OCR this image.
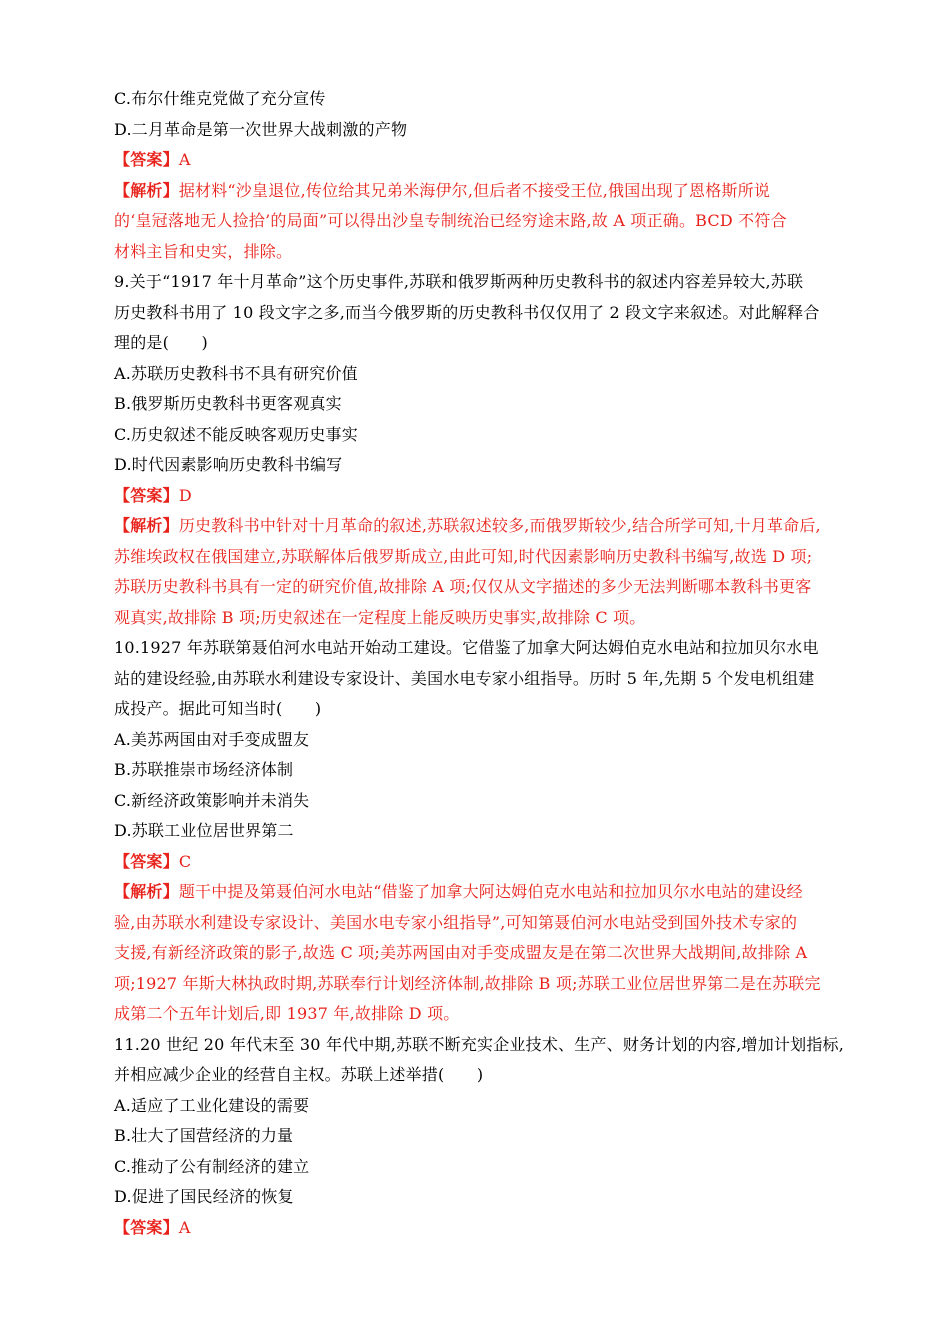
C.布尔什维克党做了充分宣传
D.二月革命是第一次世界大战刺激的产物
【答案】A
【解析】据材料“沙皇退位,传位给其兄弟米海伊尔,但后者不接受王位,俄国出现了恩格斯所说
的‘皇冠落地无人捡拾’的局面”可以得出沙皇专制统治已经穷途末路,故 A 项正确。BCD 不符合
材料主旨和史实，排除。
9.关于“1917 年十月革命”这个历史事件,苏联和俄罗斯两种历史教科书的叙述内容差异较大,苏联
历史教科书用了 10 段文字之多,而当今俄罗斯的历史教科书仅仅用了 2 段文字来叙述。对此解释合
理的是(　　)
A.苏联历史教科书不具有研究价值
B.俄罗斯历史教科书更客观真实
C.历史叙述不能反映客观历史事实
D.时代因素影响历史教科书编写
【答案】D
【解析】历史教科书中针对十月革命的叙述,苏联叙述较多,而俄罗斯较少,结合所学可知,十月革命后,
苏维埃政权在俄国建立,苏联解体后俄罗斯成立,由此可知,时代因素影响历史教科书编写,故选 D 项;
苏联历史教科书具有一定的研究价值,故排除 A 项;仅仅从文字描述的多少无法判断哪本教科书更客
观真实,故排除 B 项;历史叙述在一定程度上能反映历史事实,故排除 C 项。
10.1927 年苏联第聂伯河水电站开始动工建设。它借鉴了加拿大阿达姆伯克水电站和拉加贝尔水电
站的建设经验,由苏联水利建设专家设计、美国水电专家小组指导。历时 5 年,先期 5 个发电机组建
成投产。据此可知当时(　　)
A.美苏两国由对手变成盟友
B.苏联推崇市场经济体制
C.新经济政策影响并未消失
D.苏联工业位居世界第二
【答案】C
【解析】题干中提及第聂伯河水电站“借鉴了加拿大阿达姆伯克水电站和拉加贝尔水电站的建设经
验,由苏联水利建设专家设计、美国水电专家小组指导”,可知第聂伯河水电站受到国外技术专家的
支援,有新经济政策的影子,故选 C 项;美苏两国由对手变成盟友是在第二次世界大战期间,故排除 A
项;1927 年斯大林执政时期,苏联奉行计划经济体制,故排除 B 项;苏联工业位居世界第二是在苏联完
成第二个五年计划后,即 1937 年,故排除 D 项。
11.20 世纪 20 年代末至 30 年代中期,苏联不断充实企业技术、生产、财务计划的内容,增加计划指标,
并相应减少企业的经营自主权。苏联上述举措(　　)
A.适应了工业化建设的需要
B.壮大了国营经济的力量
C.推动了公有制经济的建立
D.促进了国民经济的恢复
【答案】A
